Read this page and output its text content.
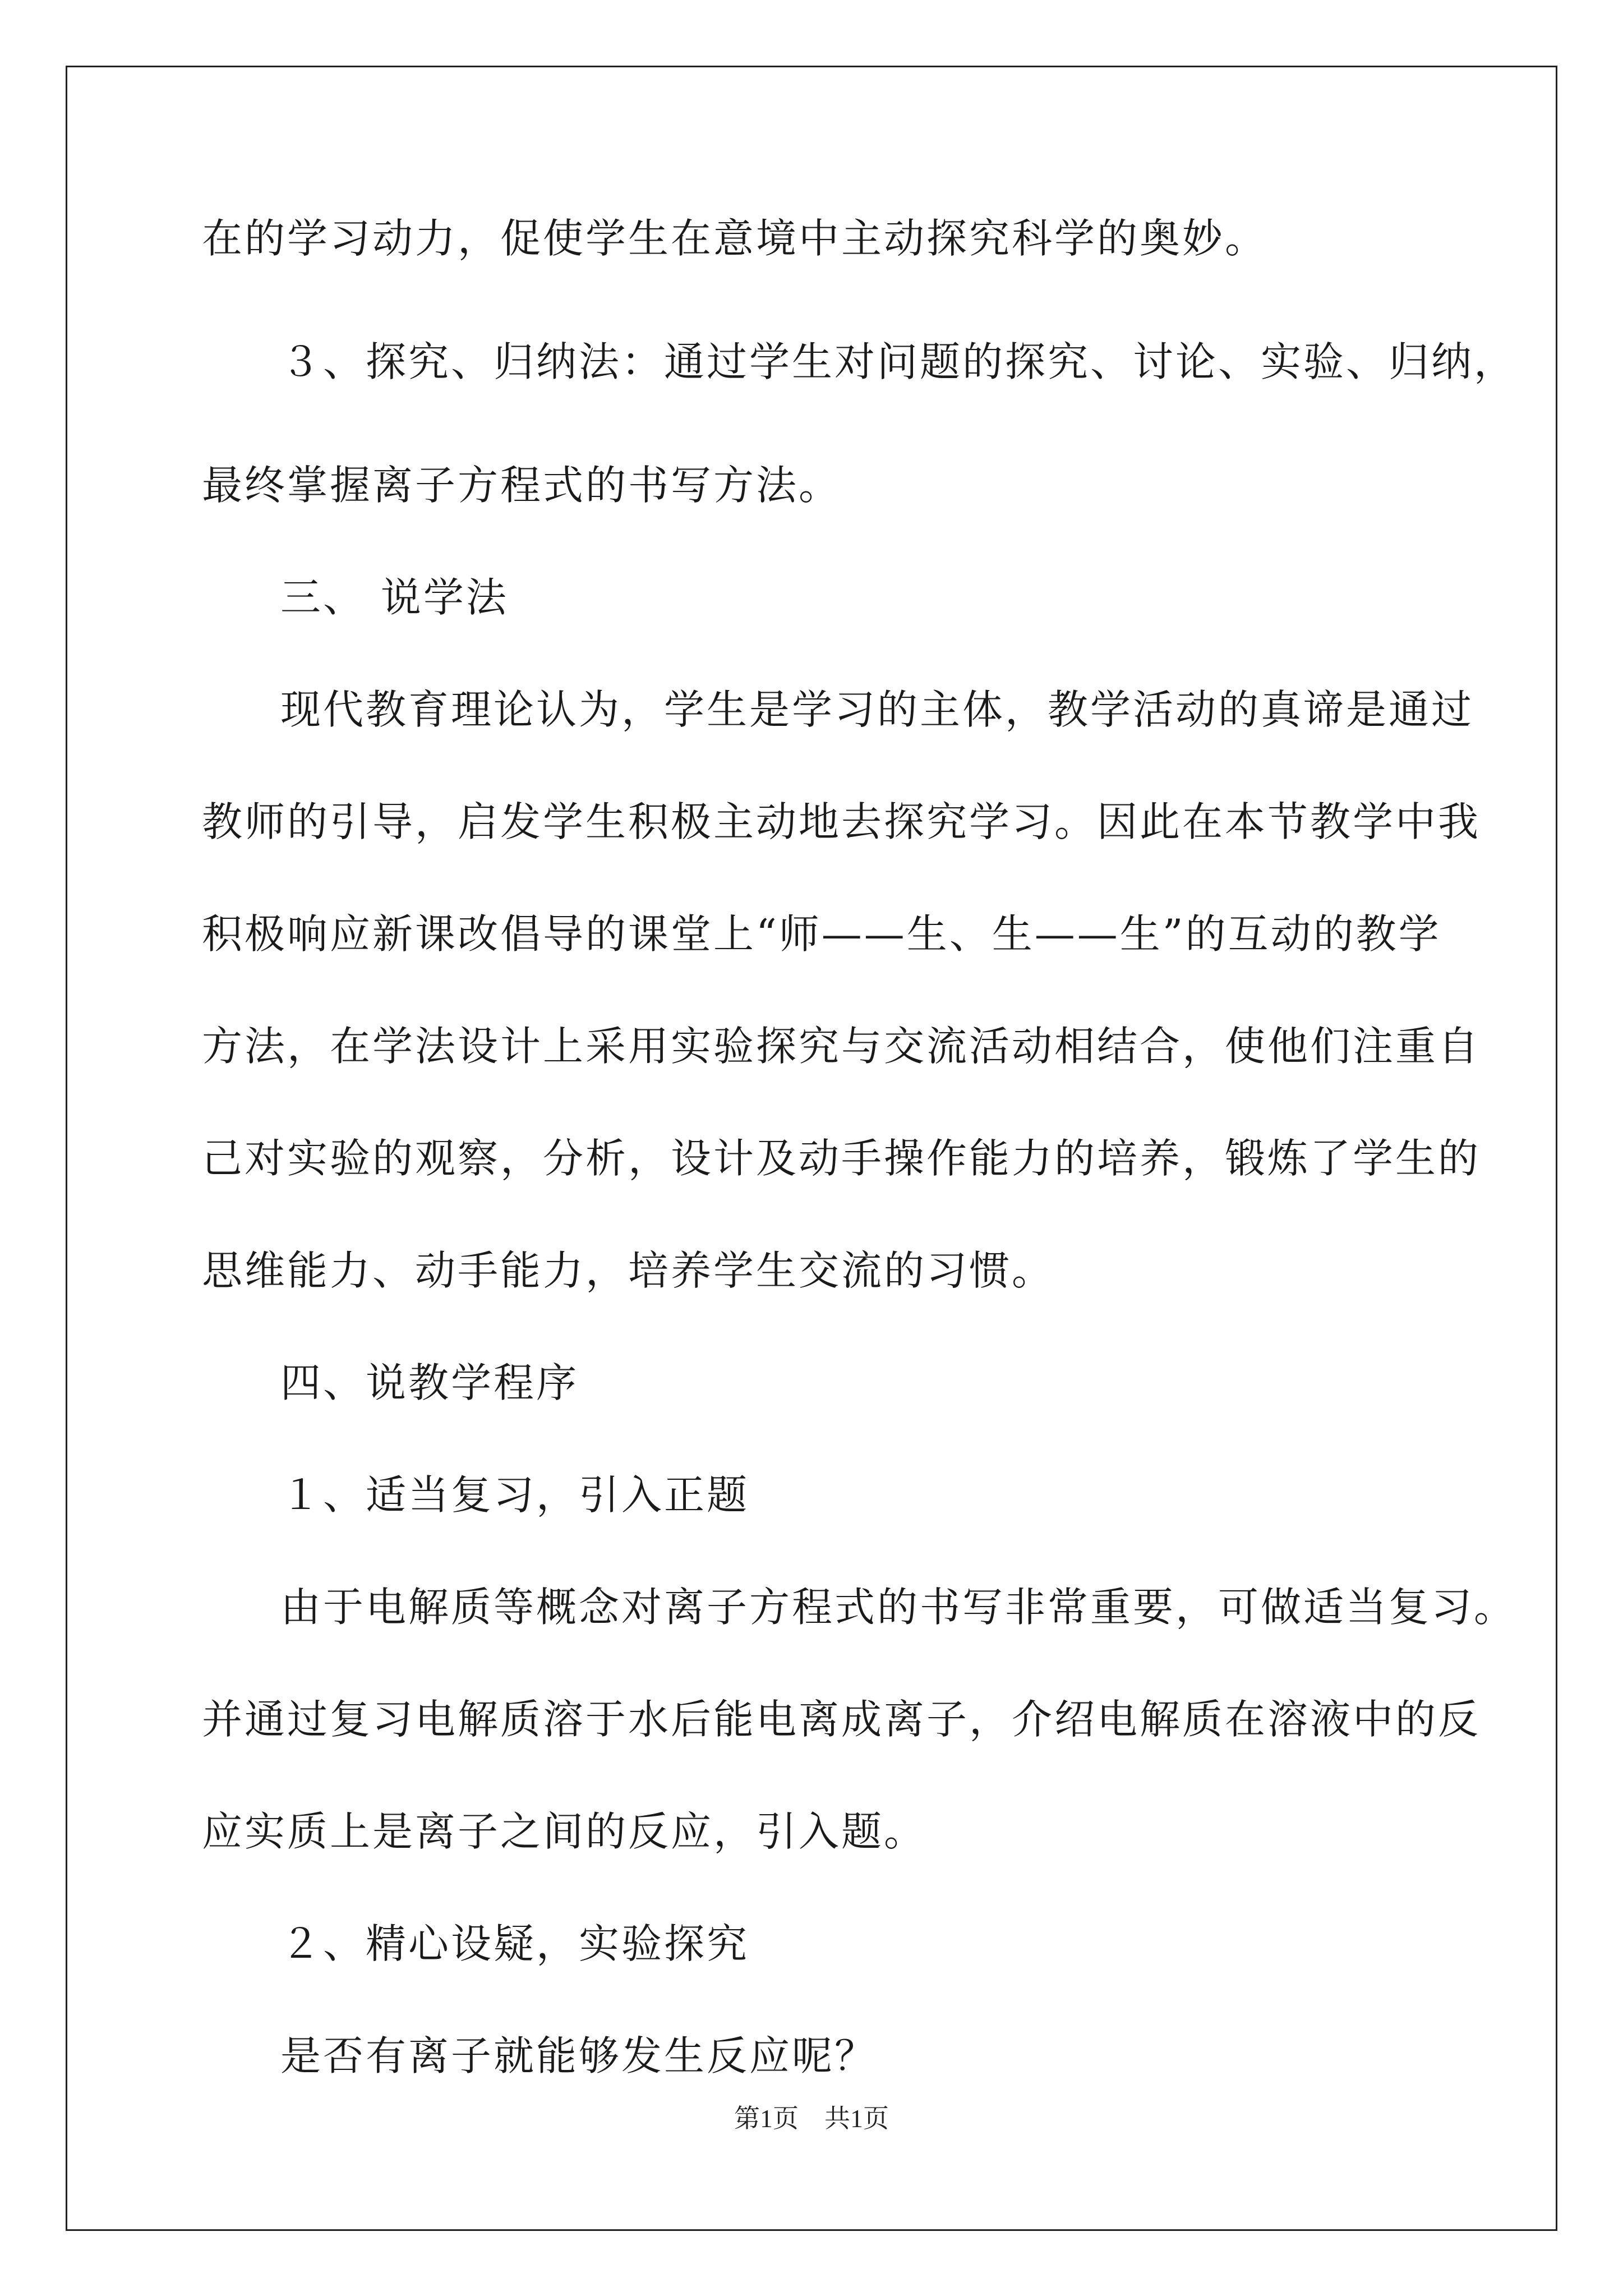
在的学习动力，促使学生在意境中主动探究科学的奥妙。
３、探究、归纳法：通过学生对问题的探究、讨论、实验、归纳，
最终掌握离子方程式的书写方法。
三、 说学法
现代教育理论认为，学生是学习的主体，教学活动的真谛是通过
教师的引导，启发学生积极主动地去探究学习。因此在本节教学中我
积极响应新课改倡导的课堂上“师——生、生——生”的互动的教学
方法，在学法设计上采用实验探究与交流活动相结合，使他们注重自
己对实验的观察，分析，设计及动手操作能力的培养，锻炼了学生的
思维能力、动手能力，培养学生交流的习惯。
四、说教学程序
１、适当复习，引入正题
由于电解质等概念对离子方程式的书写非常重要，可做适当复习。
并通过复习电解质溶于水后能电离成离子，介绍电解质在溶液中的反
应实质上是离子之间的反应，引入题。
２、精心设疑，实验探究
是否有离子就能够发生反应呢？
第1页　共1页
